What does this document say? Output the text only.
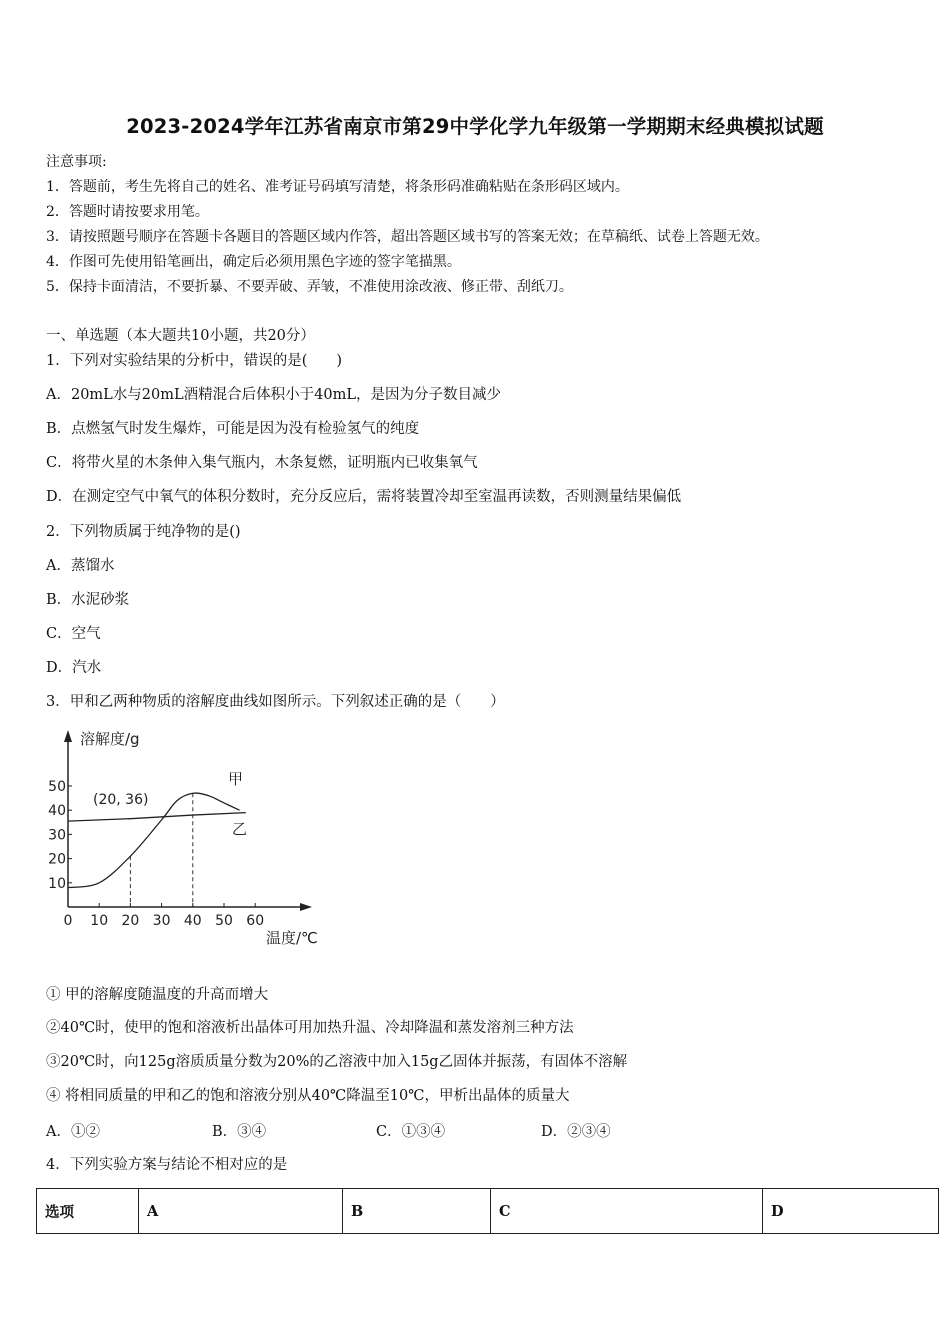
2023-2024学年江苏省南京市第29中学化学九年级第一学期期末经典模拟试题
注意事项:
1．答题前，考生先将自己的姓名、准考证号码填写清楚，将条形码准确粘贴在条形码区域内。
2．答题时请按要求用笔。
3．请按照题号顺序在答题卡各题目的答题区域内作答，超出答题区域书写的答案无效；在草稿纸、试卷上答题无效。
4．作图可先使用铅笔画出，确定后必须用黑色字迹的签字笔描黑。
5．保持卡面清洁，不要折暴、不要弄破、弄皱，不准使用涂改液、修正带、刮纸刀。
一、单选题（本大题共10小题，共20分）
1．下列对实验结果的分析中，错误的是(　　)
A．20mL水与20mL酒精混合后体积小于40mL，是因为分子数目减少
B．点燃氢气时发生爆炸，可能是因为没有检验氢气的纯度
C．将带火星的木条伸入集气瓶内，木条复燃，证明瓶内已收集氧气
D．在测定空气中氧气的体积分数时，充分反应后，需将装置冷却至室温再读数，否则测量结果偏低
2．下列物质属于纯净物的是()
A．蒸馏水
B．水泥砂浆
C．空气
D．汽水
3．甲和乙两种物质的溶解度曲线如图所示。下列叙述正确的是（　　）
0 10 20 30 40 50 60
10
20
30
40
50
溶解度/g
温度/℃
(20, 36)
甲
乙
① 甲的溶解度随温度的升高而增大
②40℃时，使甲的饱和溶液析出晶体可用加热升温、冷却降温和蒸发溶剂三种方法
③20℃时，向125g溶质质量分数为20%的乙溶液中加入15g乙固体并振荡，有固体不溶解
④ 将相同质量的甲和乙的饱和溶液分别从40℃降温至10℃，甲析出晶体的质量大
A．①②	B．③④	C．①③④	D．②③④
4．下列实验方案与结论不相对应的是
选项	A	B	C	D
